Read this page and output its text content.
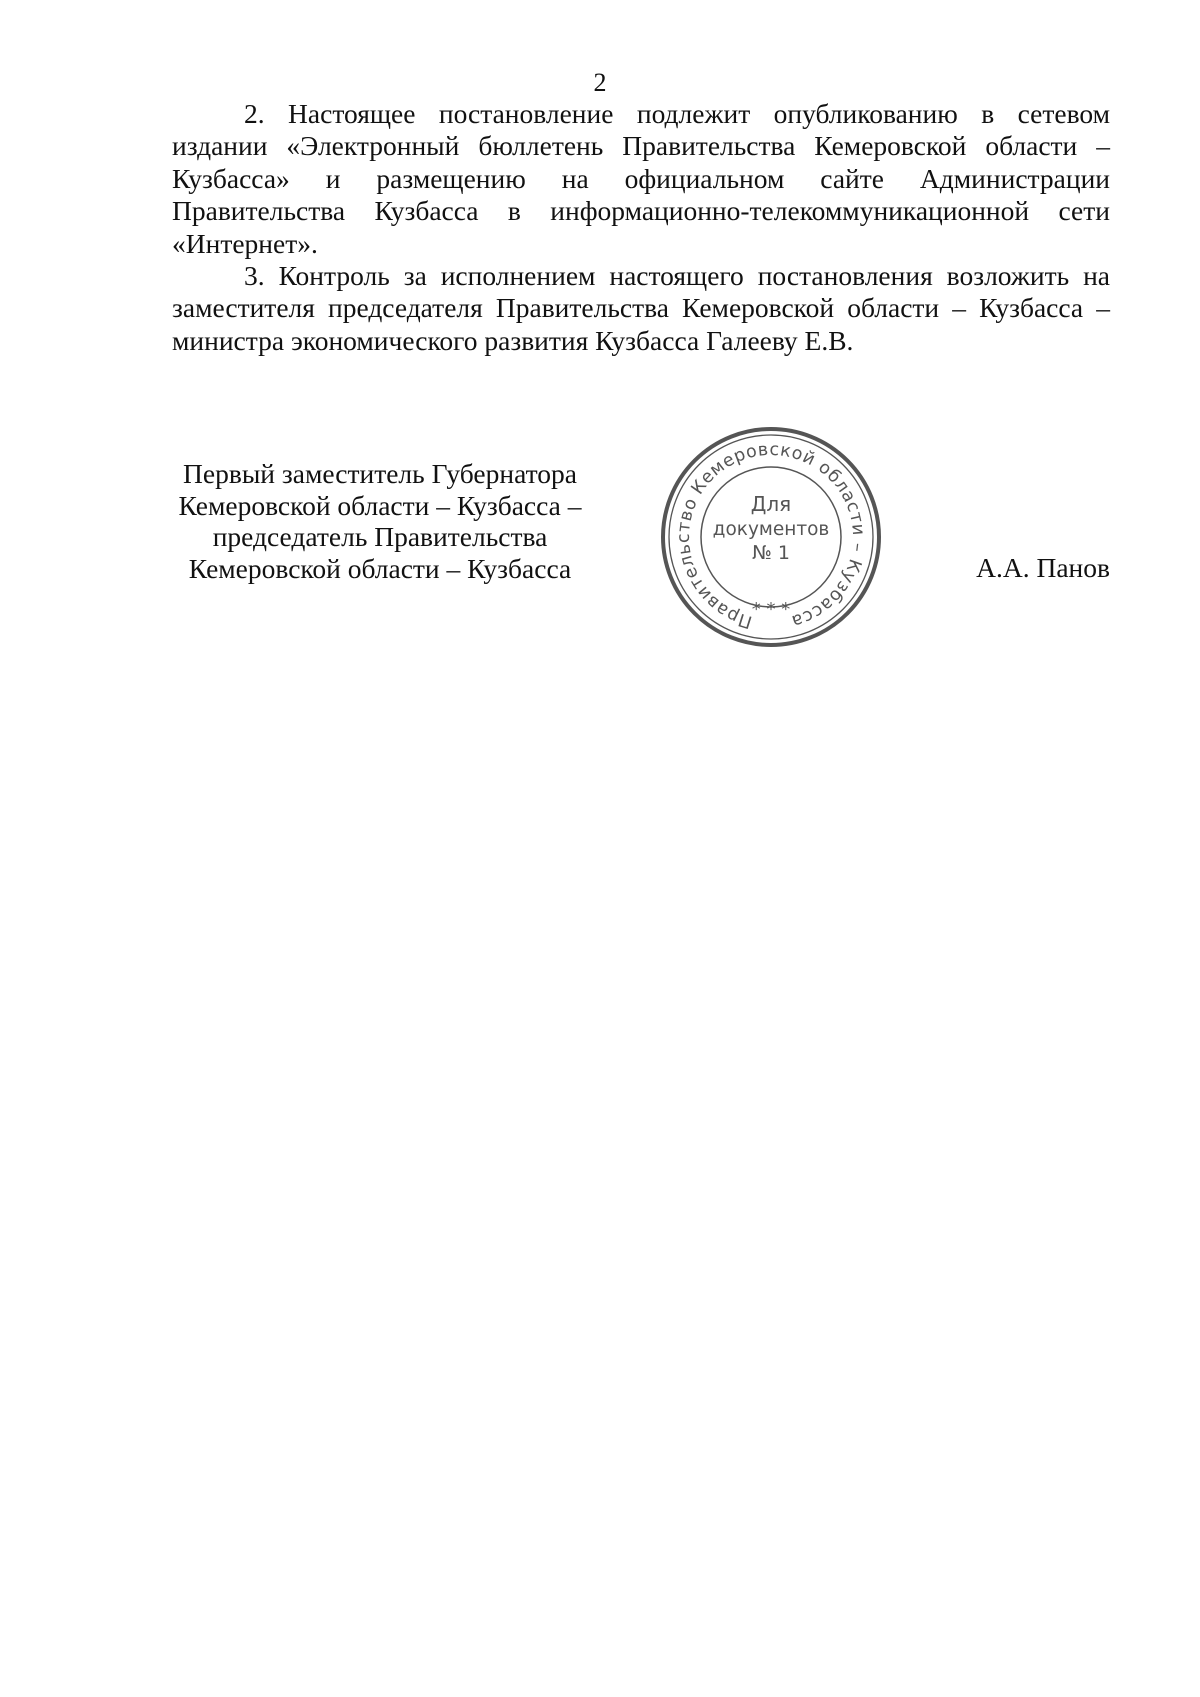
2

2. Настоящее постановление подлежит опубликованию в сетевом издании «Электронный бюллетень Правительства Кемеровской области – Кузбасса» и размещению на официальном сайте Администрации Правительства Кузбасса в информационно-телекоммуникационной сети «Интернет».

3. Контроль за исполнением настоящего постановления возложить на заместителя председателя Правительства Кемеровской области – Кузбасса – министра экономического развития Кузбасса Галееву Е.В.

Первый заместитель Губернатора
Кемеровской области – Кузбасса –
председатель Правительства
Кемеровской области – Кузбасса
Правительство Кемеровской области – Кузбасса
* * *
Для
документов
№ 1	А.А. Панов
